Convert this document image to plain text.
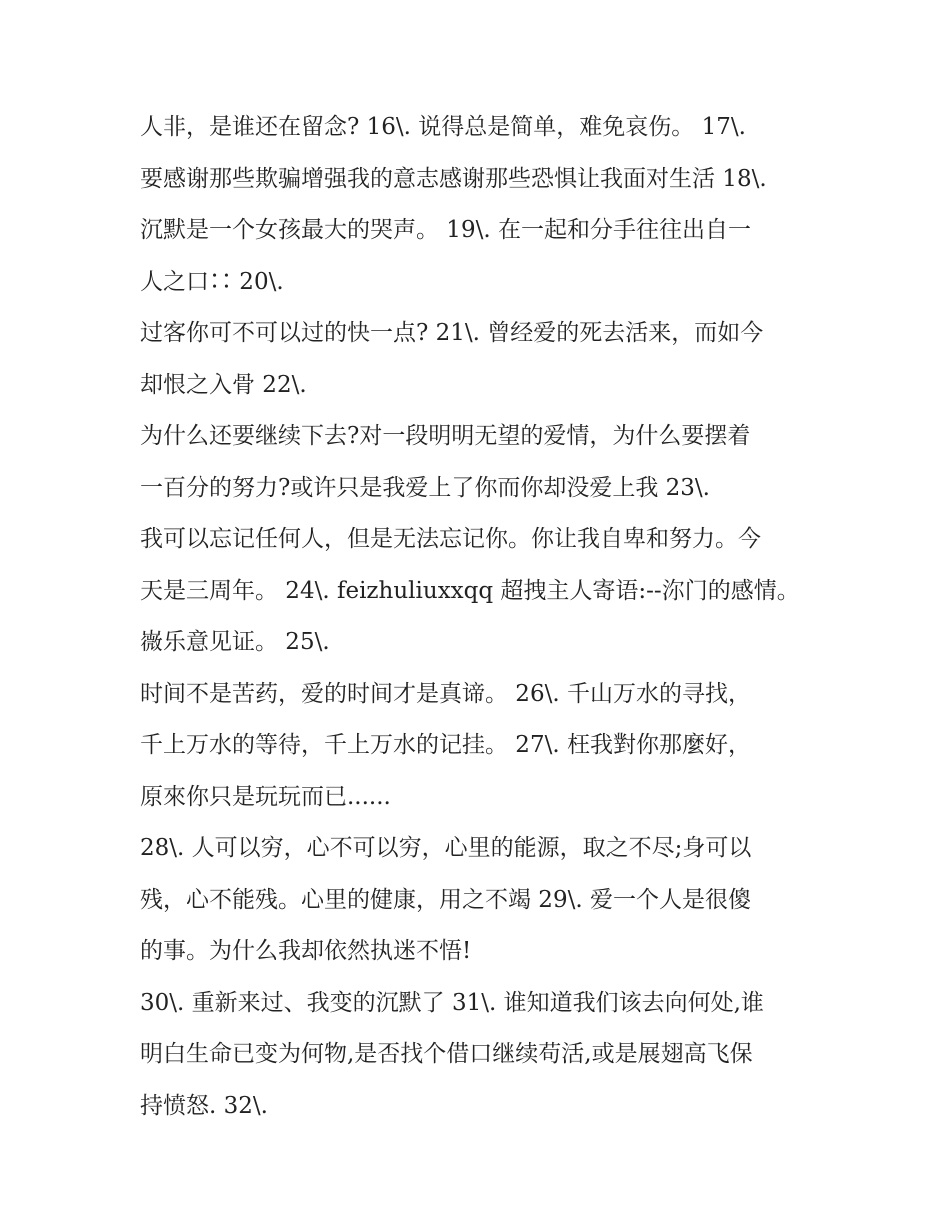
人非，是谁还在留念? 16\. 说得总是简单，难免哀伤。 17\.
要感谢那些欺骗增强我的意志感谢那些恐惧让我面对生活 18\.
沉默是一个女孩最大的哭声。 19\. 在一起和分手往往出自一
人之口∷ 20\.
过客你可不可以过的快一点? 21\. 曾经爱的死去活来，而如今
却恨之入骨 22\.
为什么还要继续下去?对一段明明无望的爱情，为什么要摆着
一百分的努力?或许只是我爱上了你而你却没爱上我 23\.
我可以忘记任何人，但是无法忘记你。你让我自卑和努力。今
天是三周年。 24\. feizhuliuxxqq 超拽主人寄语:--沵门的感情。
嶶乐意见证。 25\.
时间不是苦药，爱的时间才是真谛。 26\. 千山万水的寻找，
千上万水的等待，千上万水的记挂。 27\. 枉我對你那麼好，
原來你只是玩玩而已......
28\. 人可以穷，心不可以穷，心里的能源，取之不尽;身可以
残，心不能残。心里的健康，用之不竭 29\. 爱一个人是很傻
的事。为什么我却依然执迷不悟!
30\. 重新来过、我变的沉默了 31\. 谁知道我们该去向何处,谁
明白生命已变为何物,是否找个借口继续苟活,或是展翅高飞保
持愤怒. 32\.
